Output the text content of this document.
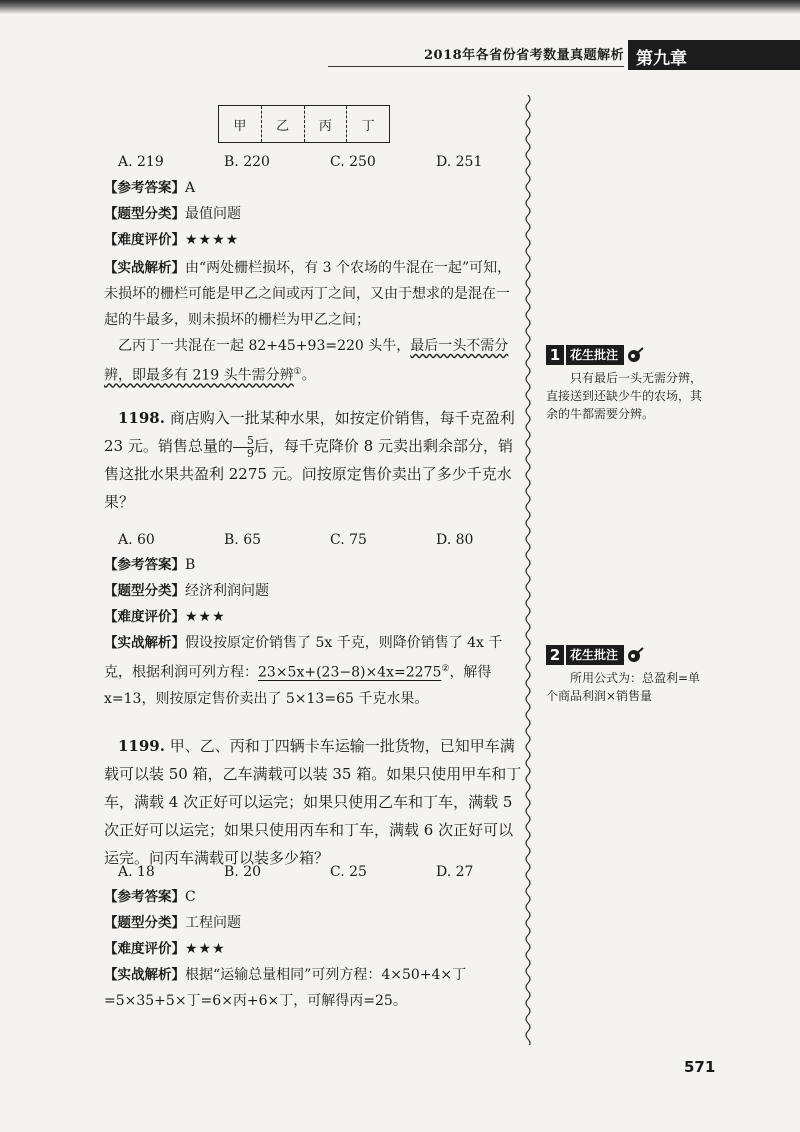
2018年各省份省考数量真题解析 第九章
甲	乙	丙	丁
A. 219	B. 220	C. 250	D. 251
【参考答案】A
【题型分类】最值问题
【难度评价】★★★★
【实战解析】由“两处栅栏损坏，有 3 个农场的牛混在一起”可知，未损坏的栅栏可能是甲乙之间或丙丁之间，又由于想求的是混在一起的牛最多，则未损坏的栅栏为甲乙之间；
乙丙丁一共混在一起 82+45+93=220 头牛，最后一头不需分辨，即最多有 219 头牛需分辨①。
1198. 商店购入一批某种水果，如按定价销售，每千克盈利 23 元。销售总量的 $\frac{5}{9}$ 后，每千克降价 8 元卖出剩余部分，销售这批水果共盈利 2275 元。问按原定售价卖出了多少千克水果？
A. 60	B. 65	C. 75	D. 80
【参考答案】B
【题型分类】经济利润问题
【难度评价】★★★
【实战解析】假设按原定价销售了 5x 千克，则降价销售了 4x 千克，根据利润可列方程：23×5x+(23−8)×4x=2275②，解得 x=13，则按原定售价卖出了 5×13=65 千克水果。
1199. 甲、乙、丙和丁四辆卡车运输一批货物，已知甲车满载可以装 50 箱，乙车满载可以装 35 箱。如果只使用甲车和丁车，满载 4 次正好可以运完；如果只使用乙车和丁车，满载 5 次正好可以运完；如果只使用丙车和丁车，满载 6 次正好可以运完。问丙车满载可以装多少箱？
A. 18	B. 20	C. 25	D. 27
【参考答案】C
【题型分类】工程问题
【难度评价】★★★
【实战解析】根据“运输总量相同”可列方程：4×50+4×丁=5×35+5×丁=6×丙+6×丁，可解得丙=25。
1 花生批注
只有最后一头无需分辨，直接送到还缺少牛的农场，其余的牛都需要分辨。
2 花生批注
所用公式为：总盈利=单个商品利润×销售量
571
